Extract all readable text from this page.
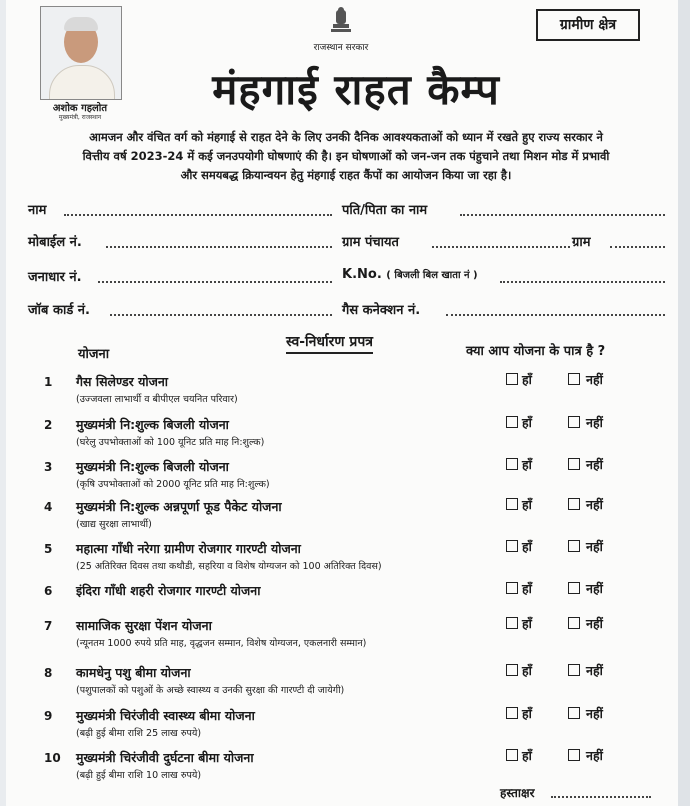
अशोक गहलोत
मुख्यमंत्री, राजस्थान
राजस्थान सरकार
ग्रामीण क्षेत्र
मंहगाई राहत कैम्प
आमजन और वंचित वर्ग को मंहगाई से राहत देने के लिए उनकी दैनिक आवश्यकताओं को ध्यान में रखते हुए राज्य सरकार ने
वित्तीय वर्ष 2023-24 में कई जनउपयोगी घोषणाएं की है। इन घोषणाओं को जन-जन तक पंहुचाने तथा मिशन मोड में प्रभावी
और समयबद्ध क्रियान्वयन हेतु मंहगाई राहत कैंपों का आयोजन किया जा रहा है।
नाम	पति/पिता का नाम
मोबाईल नं.	ग्राम पंचायत	ग्राम
जनाधार नं.	K.No. ( बिजली बिल खाता नं )
जॉब कार्ड नं.	गैस कनेक्शन नं.
स्व-निर्धारण प्रपत्र
योजना	क्या आप योजना के पात्र है ?
1 गैस सिलेण्डर योजना
(उज्जवला लाभार्थी व बीपीएल चयनित परिवार)
हाँ	नहीं
2 मुख्यमंत्री नि:शुल्क बिजली योजना
(घरेलु उपभोक्ताओं को 100 यूनिट प्रति माह नि:शुल्क)
हाँ	नहीं
3 मुख्यमंत्री नि:शुल्क बिजली योजना
(कृषि उपभोक्ताओं को 2000 यूनिट प्रति माह नि:शुल्क)
हाँ	नहीं
4 मुख्यमंत्री नि:शुल्क अन्नपूर्णा फूड पैकेट योजना
(खाद्य सुरक्षा लाभार्थी)
हाँ	नहीं
5 महात्मा गाँधी नरेगा ग्रामीण रोजगार गारण्टी योजना
(25 अतिरिक्त दिवस तथा कथौडी, सहरिया व विशेष योग्यजन को 100 अतिरिक्त दिवस)
हाँ	नहीं
6 इंदिरा गाँधी शहरी रोजगार गारण्टी योजना	हाँ	नहीं
7 सामाजिक सुरक्षा पेंशन योजना
(न्यूनतम 1000 रुपये प्रति माह, वृद्धजन सम्मान, विशेष योग्यजन, एकलनारी सम्मान)
हाँ	नहीं
8 कामधेनु पशु बीमा योजना
(पशुपालकों को पशुओं के अच्छे स्वास्थ्य व उनकी सुरक्षा की गारण्टी दी जायेगी)
हाँ	नहीं
9 मुख्यमंत्री चिरंजीवी स्वास्थ्य बीमा योजना
(बढ़ी हुई बीमा राशि 25 लाख रुपये)
हाँ	नहीं
10 मुख्यमंत्री चिरंजीवी दुर्घटना बीमा योजना
(बढ़ी हुई बीमा राशि 10 लाख रुपये)
हाँ	नहीं
हस्ताक्षर
